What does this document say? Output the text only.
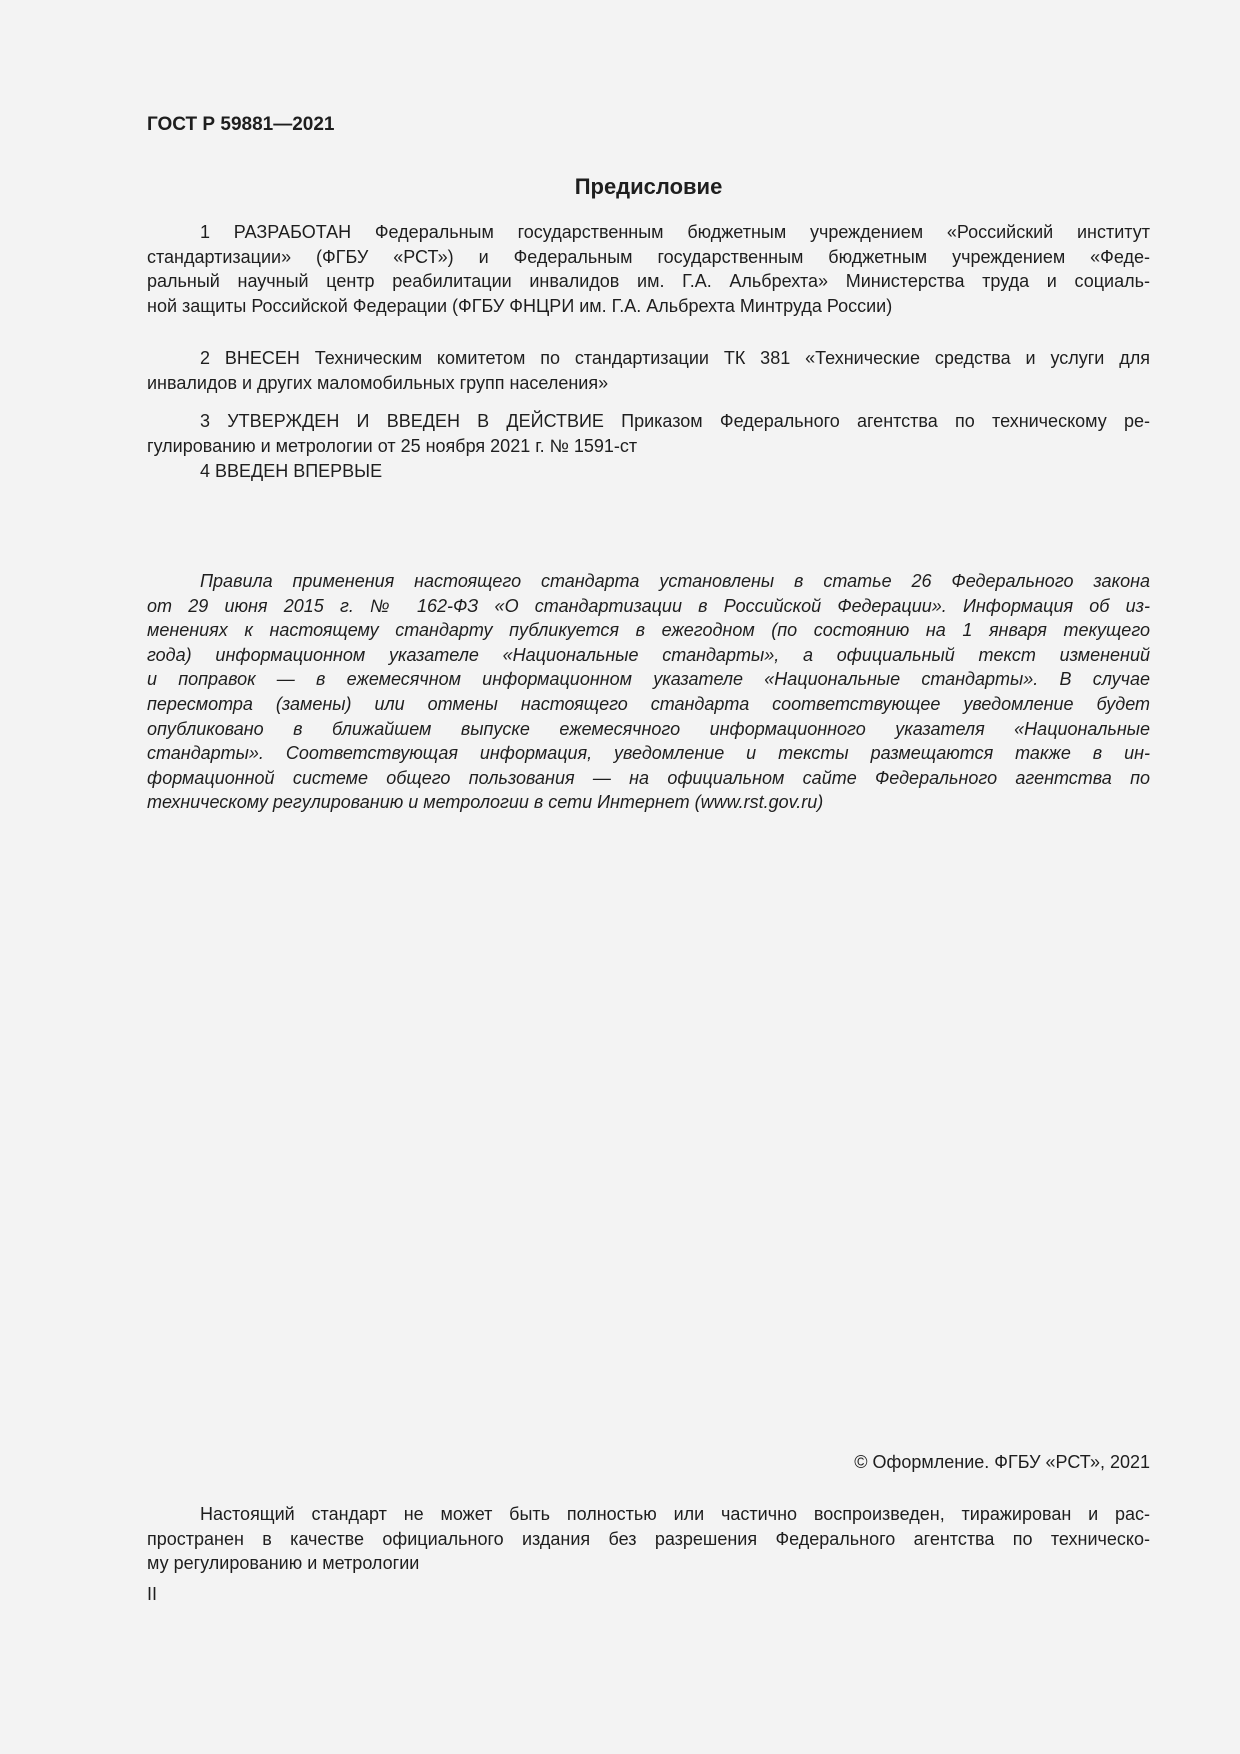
ГОСТ Р 59881—2021
Предисловие
1 РАЗРАБОТАН Федеральным государственным бюджетным учреждением «Российский институт
стандартизации» (ФГБУ «РСТ») и Федеральным государственным бюджетным учреждением «Феде-
ральный научный центр реабилитации инвалидов им. Г.А. Альбрехта» Министерства труда и социаль-
ной защиты Российской Федерации (ФГБУ ФНЦРИ им. Г.А. Альбрехта Минтруда России)
2 ВНЕСЕН Техническим комитетом по стандартизации ТК 381 «Технические средства и услуги для
инвалидов и других маломобильных групп населения»
3 УТВЕРЖДЕН И ВВЕДЕН В ДЕЙСТВИЕ Приказом Федерального агентства по техническому ре-
гулированию и метрологии от 25 ноября 2021 г. № 1591-ст
4 ВВЕДЕН ВПЕРВЫЕ
Правила применения настоящего стандарта установлены в статье 26 Федерального закона
от 29 июня 2015 г. № 162-ФЗ «О стандартизации в Российской Федерации». Информация об из-
менениях к настоящему стандарту публикуется в ежегодном (по состоянию на 1 января текущего
года) информационном указателе «Национальные стандарты», а официальный текст изменений
и поправок — в ежемесячном информационном указателе «Национальные стандарты». В случае
пересмотра (замены) или отмены настоящего стандарта соответствующее уведомление будет
опубликовано в ближайшем выпуске ежемесячного информационного указателя «Национальные
стандарты». Соответствующая информация, уведомление и тексты размещаются также в ин-
формационной системе общего пользования — на официальном сайте Федерального агентства по
техническому регулированию и метрологии в сети Интернет (www.rst.gov.ru)
© Оформление. ФГБУ «РСТ», 2021
Настоящий стандарт не может быть полностью или частично воспроизведен, тиражирован и рас-
пространен в качестве официального издания без разрешения Федерального агентства по техническо-
му регулированию и метрологии
II
